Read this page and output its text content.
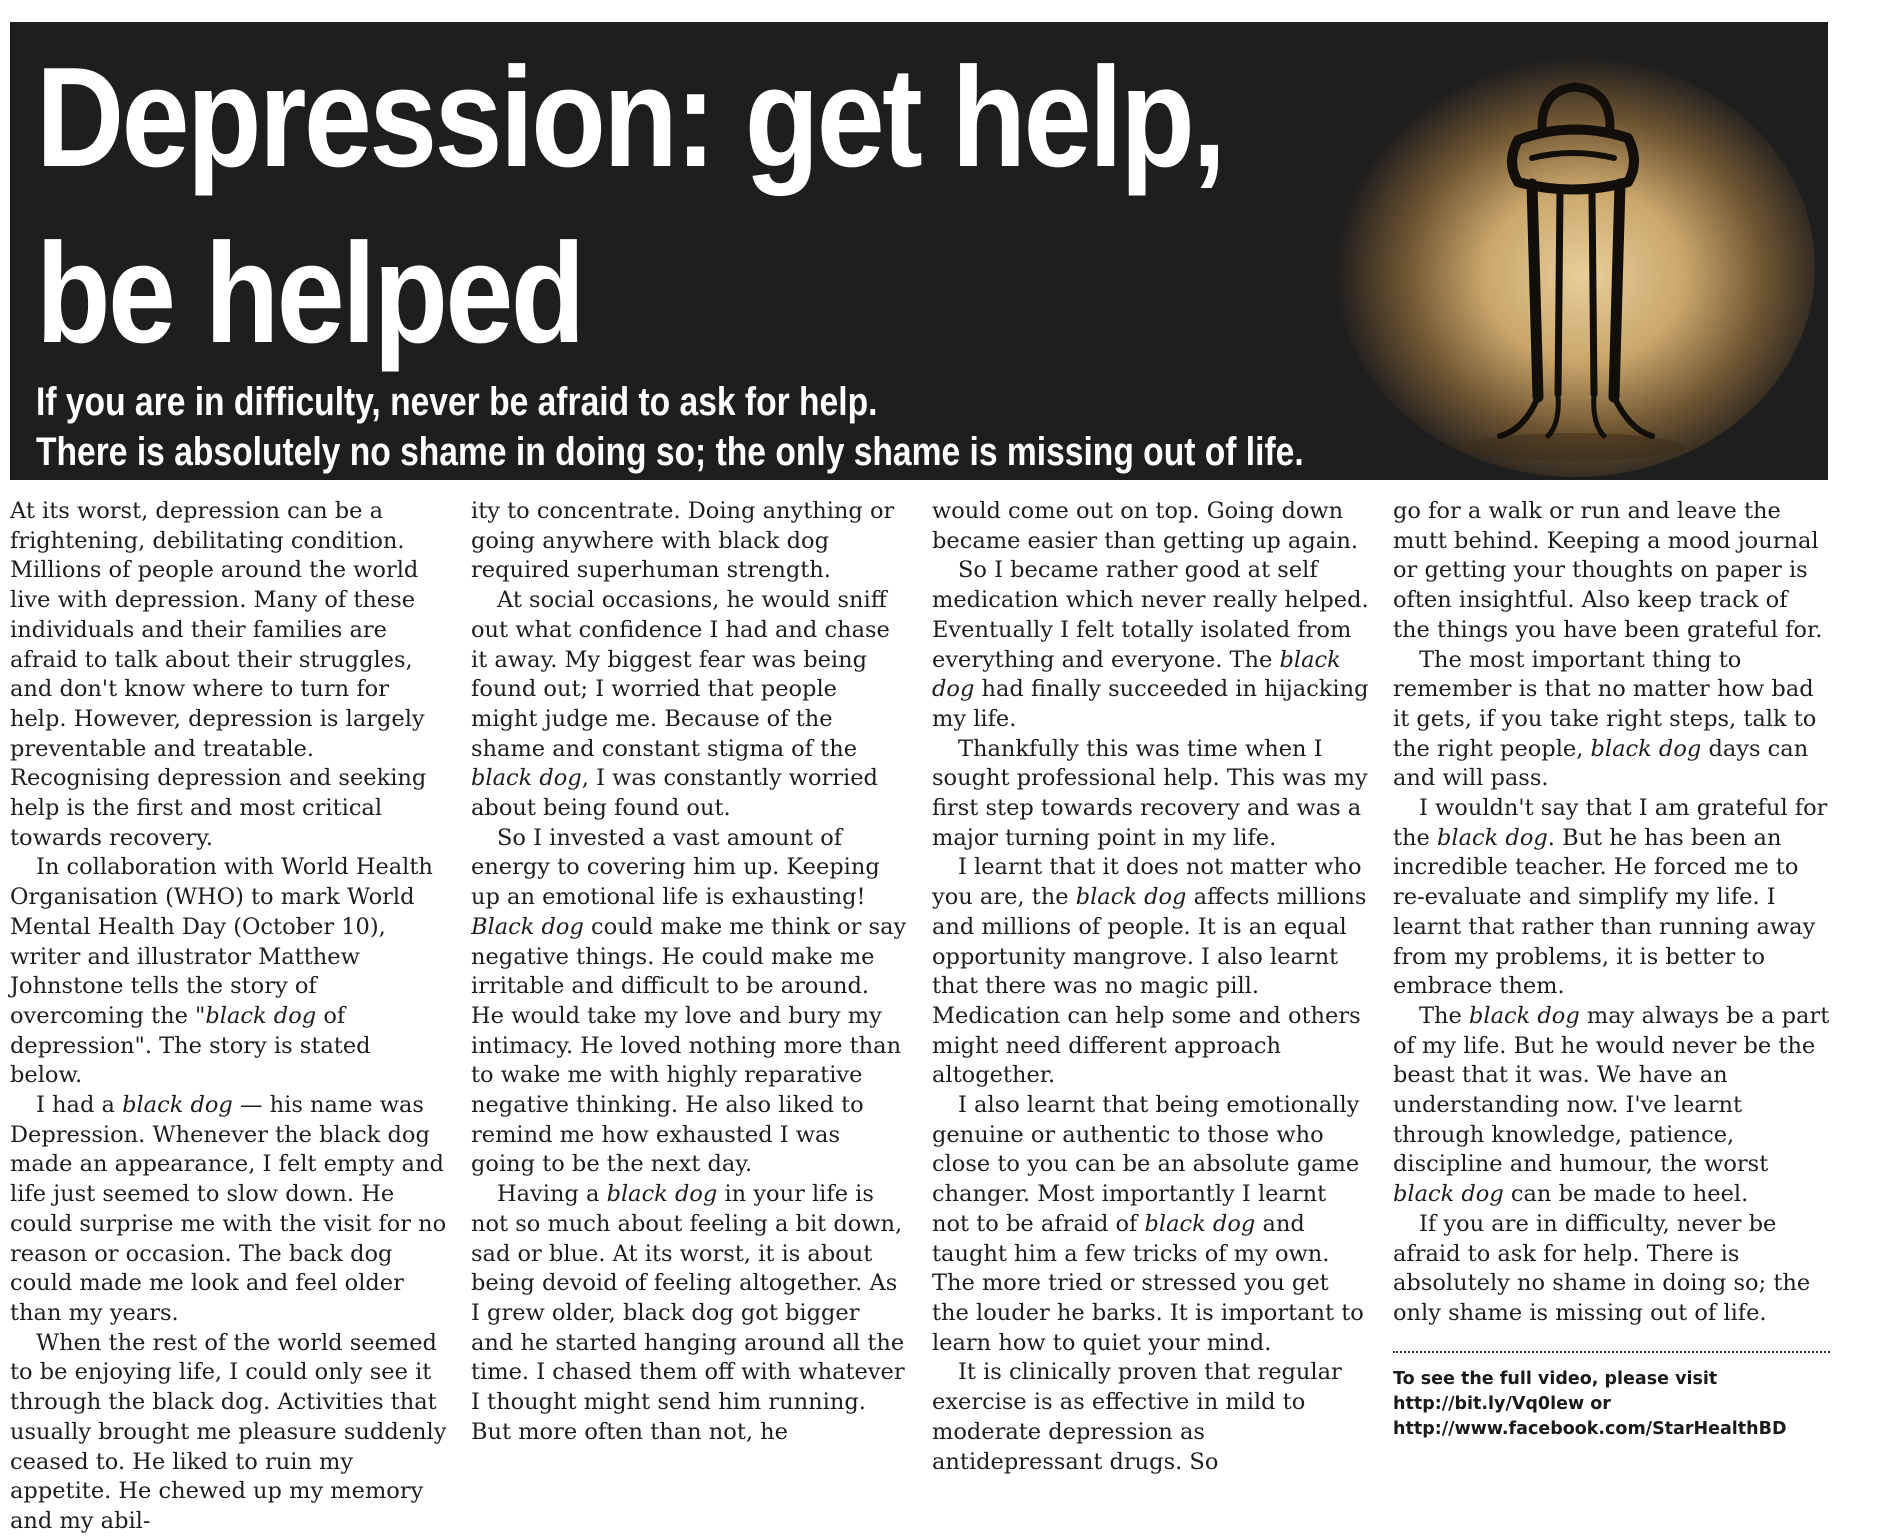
Depression: get help,
be helped

If you are in difficulty, never be afraid to ask for help.
There is absolutely no shame in doing so; the only shame is missing out of life.

At its worst, depression can be a frightening, debilitating condition. Millions of people around the world live with depression. Many of these individuals and their families are afraid to talk about their struggles, and don't know where to turn for help. However, depression is largely preventable and treatable. Recognising depression and seeking help is the first and most critical towards recovery.

In collaboration with World Health Organisation (WHO) to mark World Mental Health Day (October 10), writer and illustrator Matthew Johnstone tells the story of overcoming the "black dog of depression". The story is stated below.

I had a black dog — his name was Depression. Whenever the black dog made an appearance, I felt empty and life just seemed to slow down. He could surprise me with the visit for no reason or occasion. The back dog could made me look and feel older than my years.

When the rest of the world seemed to be enjoying life, I could only see it through the black dog. Activities that usually brought me pleasure suddenly ceased to. He liked to ruin my appetite. He chewed up my memory and my abil-

ity to concentrate. Doing anything or going anywhere with black dog required superhuman strength.

At social occasions, he would sniff out what confidence I had and chase it away. My biggest fear was being found out; I worried that people might judge me. Because of the shame and constant stigma of the black dog, I was constantly worried about being found out.

So I invested a vast amount of energy to covering him up. Keeping up an emotional life is exhausting! Black dog could make me think or say negative things. He could make me irritable and difficult to be around. He would take my love and bury my intimacy. He loved nothing more than to wake me with highly reparative negative thinking. He also liked to remind me how exhausted I was going to be the next day.

Having a black dog in your life is not so much about feeling a bit down, sad or blue. At its worst, it is about being devoid of feeling altogether. As I grew older, black dog got bigger and he started hanging around all the time. I chased them off with whatever I thought might send him running. But more often than not, he

would come out on top. Going down became easier than getting up again.

So I became rather good at self medication which never really helped. Eventually I felt totally isolated from everything and everyone. The black dog had finally succeeded in hijacking my life.

Thankfully this was time when I sought professional help. This was my first step towards recovery and was a major turning point in my life.

I learnt that it does not matter who you are, the black dog affects millions and millions of people. It is an equal opportunity mangrove. I also learnt that there was no magic pill. Medication can help some and others might need different approach altogether.

I also learnt that being emotionally genuine or authentic to those who close to you can be an absolute game changer. Most importantly I learnt not to be afraid of black dog and taught him a few tricks of my own. The more tried or stressed you get the louder he barks. It is important to learn how to quiet your mind.

It is clinically proven that regular exercise is as effective in mild to moderate depression as antidepressant drugs. So

go for a walk or run and leave the mutt behind. Keeping a mood journal or getting your thoughts on paper is often insightful. Also keep track of the things you have been grateful for.

The most important thing to remember is that no matter how bad it gets, if you take right steps, talk to the right people, black dog days can and will pass.

I wouldn't say that I am grateful for the black dog. But he has been an incredible teacher. He forced me to re-evaluate and simplify my life. I learnt that rather than running away from my problems, it is better to embrace them.

The black dog may always be a part of my life. But he would never be the beast that it was. We have an understanding now. I've learnt through knowledge, patience, discipline and humour, the worst black dog can be made to heel.

If you are in difficulty, never be afraid to ask for help. There is absolutely no shame in doing so; the only shame is missing out of life.

To see the full video, please visit
http://bit.ly/Vq0lew or
http://www.facebook.com/StarHealthBD
